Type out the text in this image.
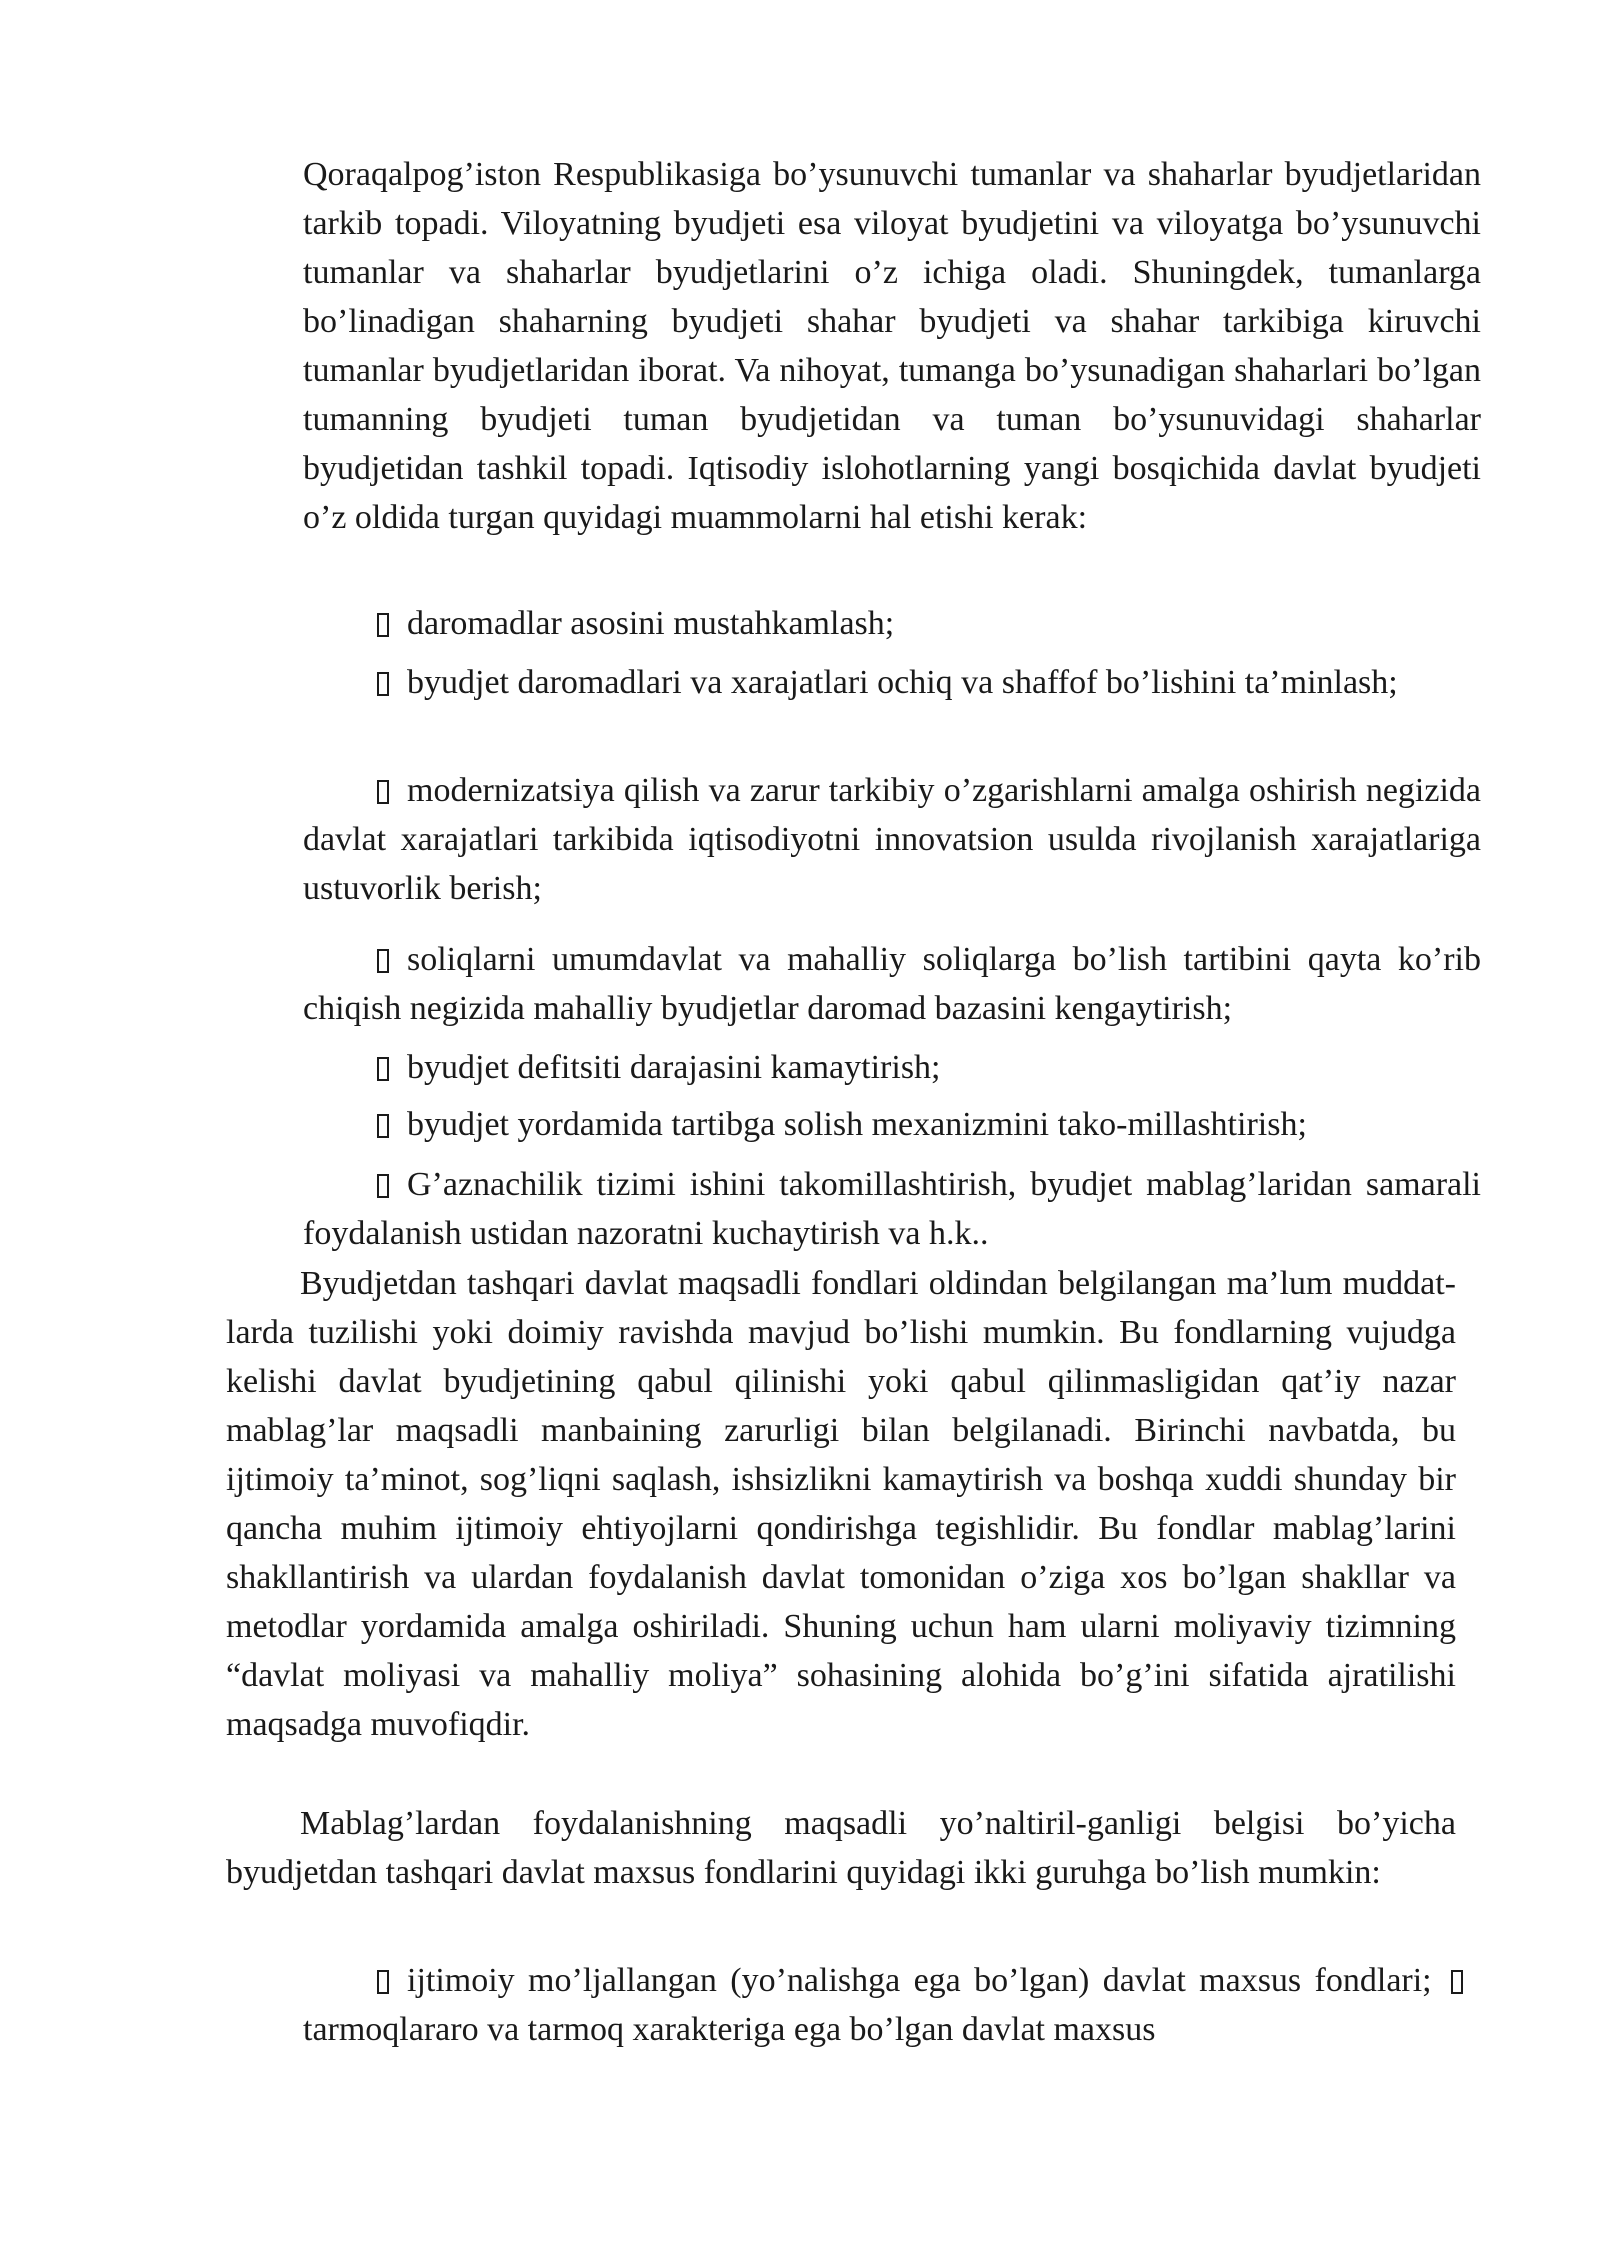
Qoraqalpog’iston Respublikasiga bo’ysunuvchi tumanlar va shaharlar byudjetlaridan tarkib topadi. Viloyatning byudjeti esa viloyat byudjetini va viloyatga bo’ysunuvchi tumanlar va shaharlar byudjetlarini o’z ichiga oladi. Shuningdek, tumanlarga bo’linadigan shaharning byudjeti shahar byudjeti va shahar tarkibiga kiruvchi tumanlar byudjetlaridan iborat. Va nihoyat, tumanga bo’ysunadigan shaharlari bo’lgan tumanning byudjeti tuman byudjetidan va tuman bo’ysunuvidagi shaharlar byudjetidan tashkil topadi. Iqtisodiy islohotlarning yangi bosqichida davlat byudjeti o’z oldida turgan quyidagi muammolarni hal etishi kerak:

daromadlar asosini mustahkamlash;

byudjet daromadlari va xarajatlari ochiq va shaffof bo’lishini ta’minlash;

modernizatsiya qilish va zarur tarkibiy o’zgarishlarni amalga oshirish negizida davlat xarajatlari tarkibida iqtisodiyotni innovatsion usulda rivojlanish xarajatlariga ustuvorlik berish;

soliqlarni umumdavlat va mahalliy soliqlarga bo’lish tartibini qayta ko’rib chiqish negizida mahalliy byudjetlar daromad bazasini kengaytirish;

byudjet defitsiti darajasini kamaytirish;

byudjet yordamida tartibga solish mexanizmini tako-millashtirish;

G’aznachilik tizimi ishini takomillashtirish, byudjet mablag’laridan samarali foydalanish ustidan nazoratni kuchaytirish va h.k..

Byudjetdan tashqari davlat maqsadli fondlari oldindan belgilangan ma’lum muddat-larda tuzilishi yoki doimiy ravishda mavjud bo’lishi mumkin. Bu fondlarning vujudga kelishi davlat byudjetining qabul qilinishi yoki qabul qilinmasligidan qat’iy nazar mablag’lar maqsadli manbaining zarurligi bilan belgilanadi. Birinchi navbatda, bu ijtimoiy ta’minot, sog’liqni saqlash, ishsizlikni kamaytirish va boshqa xuddi shunday bir qancha muhim ijtimoiy ehtiyojlarni qondirishga tegishlidir. Bu fondlar mablag’larini shakllantirish va ulardan foydalanish davlat tomonidan o’ziga xos bo’lgan shakllar va metodlar yordamida amalga oshiriladi. Shuning uchun ham ularni moliyaviy tizimning “davlat moliyasi va mahalliy moliya” sohasining alohida bo’g’ini sifatida ajratilishi maqsadga muvofiqdir.

Mablag’lardan foydalanishning maqsadli yo’naltiril-ganligi belgisi bo’yicha byudjetdan tashqari davlat maxsus fondlarini quyidagi ikki guruhga bo’lish mumkin:

ijtimoiy mo’ljallangan (yo’nalishga ega bo’lgan) davlat maxsus fondlari; tarmoqlararo va tarmoq xarakteriga ega bo’lgan davlat maxsus
